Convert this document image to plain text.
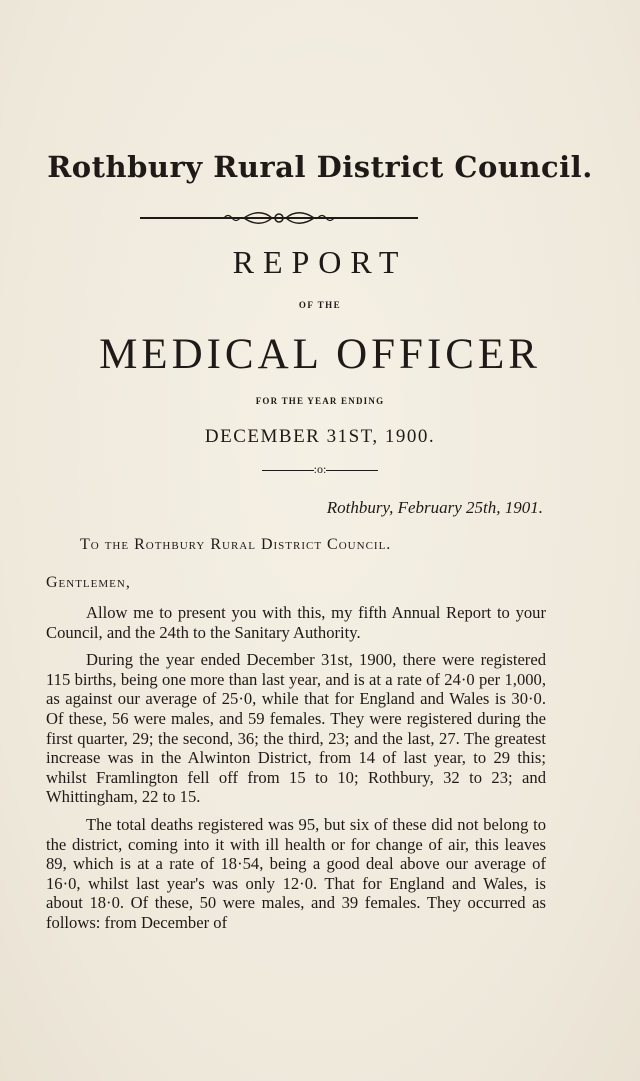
Rothbury Rural District Council.
REPORT
OF THE
MEDICAL OFFICER
FOR THE YEAR ENDING
DECEMBER 31ST, 1900.
:o:
Rothbury, February 25th, 1901.
To the Rothbury Rural District Council.
Gentlemen,

Allow me to present you with this, my fifth Annual Report to your Council, and the 24th to the Sanitary Authority.

During the year ended December 31st, 1900, there were registered 115 births, being one more than last year, and is at a rate of 24·0 per 1,000, as against our average of 25·0, while that for England and Wales is 30·0. Of these, 56 were males, and 59 females. They were registered during the first quarter, 29; the second, 36; the third, 23; and the last, 27. The greatest increase was in the Alwinton District, from 14 of last year, to 29 this; whilst Framlington fell off from 15 to 10; Rothbury, 32 to 23; and Whittingham, 22 to 15.

The total deaths registered was 95, but six of these did not belong to the district, coming into it with ill health or for change of air, this leaves 89, which is at a rate of 18·54, being a good deal above our average of 16·0, whilst last year's was only 12·0. That for England and Wales, is about 18·0. Of these, 50 were males, and 39 females. They occurred as follows: from December of
